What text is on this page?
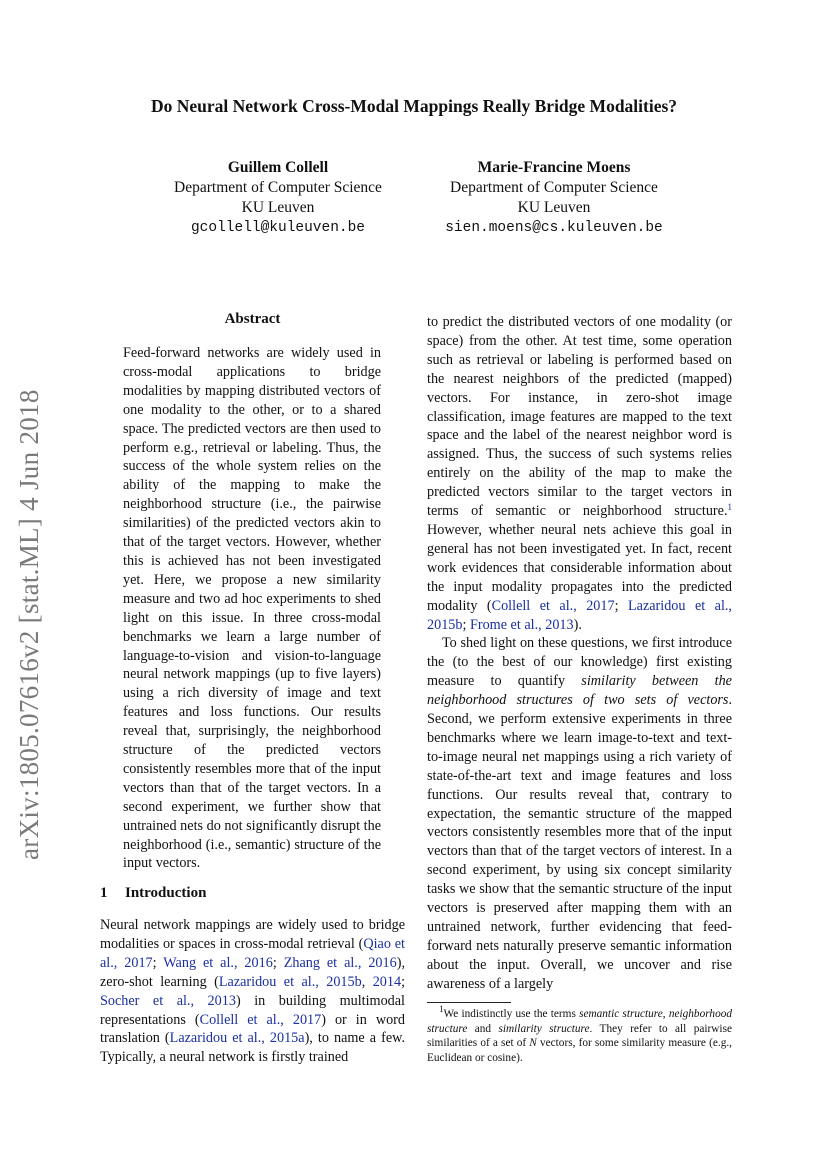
Do Neural Network Cross-Modal Mappings Really Bridge Modalities?
Guillem Collell
Department of Computer Science
KU Leuven
gcollell@kuleuven.be
Marie-Francine Moens
Department of Computer Science
KU Leuven
sien.moens@cs.kuleuven.be
arXiv:1805.07616v2 [stat.ML] 4 Jun 2018
Abstract

Feed-forward networks are widely used in cross-modal applications to bridge modalities by mapping distributed vectors of one modality to the other, or to a shared space. The predicted vectors are then used to perform e.g., retrieval or labeling. Thus, the success of the whole system relies on the ability of the mapping to make the neighborhood structure (i.e., the pairwise similarities) of the predicted vectors akin to that of the target vectors. However, whether this is achieved has not been investigated yet. Here, we propose a new similarity measure and two ad hoc experiments to shed light on this issue. In three cross-modal benchmarks we learn a large number of language-to-vision and vision-to-language neural network mappings (up to five layers) using a rich diversity of image and text features and loss functions. Our results reveal that, surprisingly, the neighborhood structure of the predicted vectors consistently resembles more that of the input vectors than that of the target vectors. In a second experiment, we further show that untrained nets do not significantly disrupt the neighborhood (i.e., semantic) structure of the input vectors.

1 Introduction

Neural network mappings are widely used to bridge modalities or spaces in cross-modal retrieval (Qiao et al., 2017; Wang et al., 2016; Zhang et al., 2016), zero-shot learning (Lazaridou et al., 2015b, 2014; Socher et al., 2013) in building multimodal representations (Collell et al., 2017) or in word translation (Lazaridou et al., 2015a), to name a few. Typically, a neural network is firstly trained

to predict the distributed vectors of one modality (or space) from the other. At test time, some operation such as retrieval or labeling is performed based on the nearest neighbors of the predicted (mapped) vectors. For instance, in zero-shot image classification, image features are mapped to the text space and the label of the nearest neighbor word is assigned. Thus, the success of such systems relies entirely on the ability of the map to make the predicted vectors similar to the target vectors in terms of semantic or neighborhood structure.$^1$ However, whether neural nets achieve this goal in general has not been investigated yet. In fact, recent work evidences that considerable information about the input modality propagates into the predicted modality (Collell et al., 2017; Lazaridou et al., 2015b; Frome et al., 2013).

To shed light on these questions, we first introduce the (to the best of our knowledge) first existing measure to quantify similarity between the neighborhood structures of two sets of vectors. Second, we perform extensive experiments in three benchmarks where we learn image-to-text and text-to-image neural net mappings using a rich variety of state-of-the-art text and image features and loss functions. Our results reveal that, contrary to expectation, the semantic structure of the mapped vectors consistently resembles more that of the input vectors than that of the target vectors of interest. In a second experiment, by using six concept similarity tasks we show that the semantic structure of the input vectors is preserved after mapping them with an untrained network, further evidencing that feed-forward nets naturally preserve semantic information about the input. Overall, we uncover and rise awareness of a largely

$^1$We indistinctly use the terms semantic structure, neighborhood structure and similarity structure. They refer to all pairwise similarities of a set of N vectors, for some similarity measure (e.g., Euclidean or cosine).
